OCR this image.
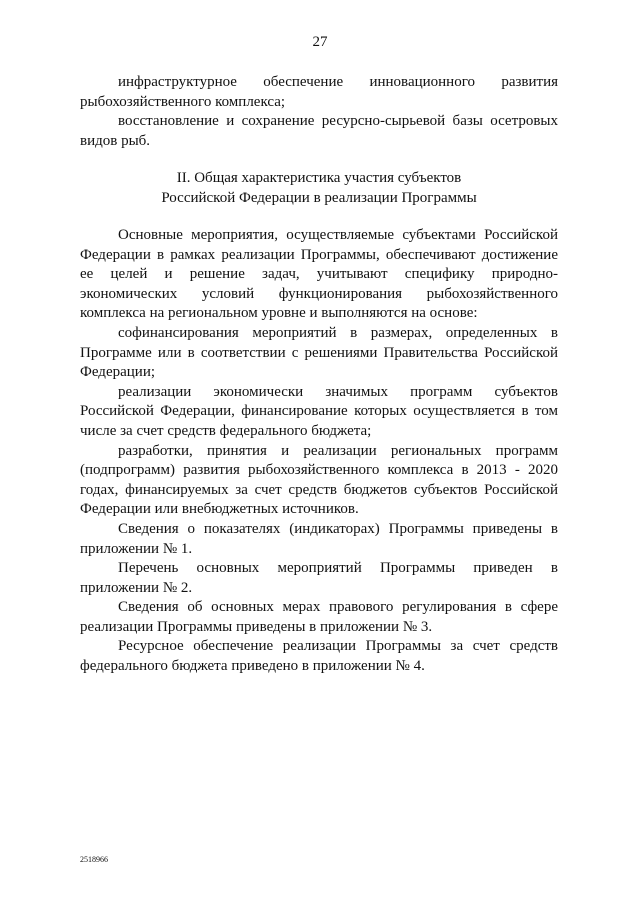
27

инфраструктурное обеспечение инновационного развития рыбохозяйственного комплекса;

восстановление и сохранение ресурсно-сырьевой базы осетровых видов рыб.

II. Общая характеристика участия субъектов
Российской Федерации в реализации Программы

Основные мероприятия, осуществляемые субъектами Российской Федерации в рамках реализации Программы, обеспечивают достижение ее целей и решение задач, учитывают специфику природно-экономических условий функционирования рыбохозяйственного комплекса на региональном уровне и выполняются на основе:

софинансирования мероприятий в размерах, определенных в Программе или в соответствии с решениями Правительства Российской Федерации;

реализации экономически значимых программ субъектов Российской Федерации, финансирование которых осуществляется в том числе за счет средств федерального бюджета;

разработки, принятия и реализации региональных программ (подпрограмм) развития рыбохозяйственного комплекса в 2013 - 2020 годах, финансируемых за счет средств бюджетов субъектов Российской Федерации или внебюджетных источников.

Сведения о показателях (индикаторах) Программы приведены в приложении № 1.

Перечень основных мероприятий Программы приведен в приложении № 2.

Сведения об основных мерах правового регулирования в сфере реализации Программы приведены в приложении № 3.

Ресурсное обеспечение реализации Программы за счет средств федерального бюджета приведено в приложении № 4.

2518966
